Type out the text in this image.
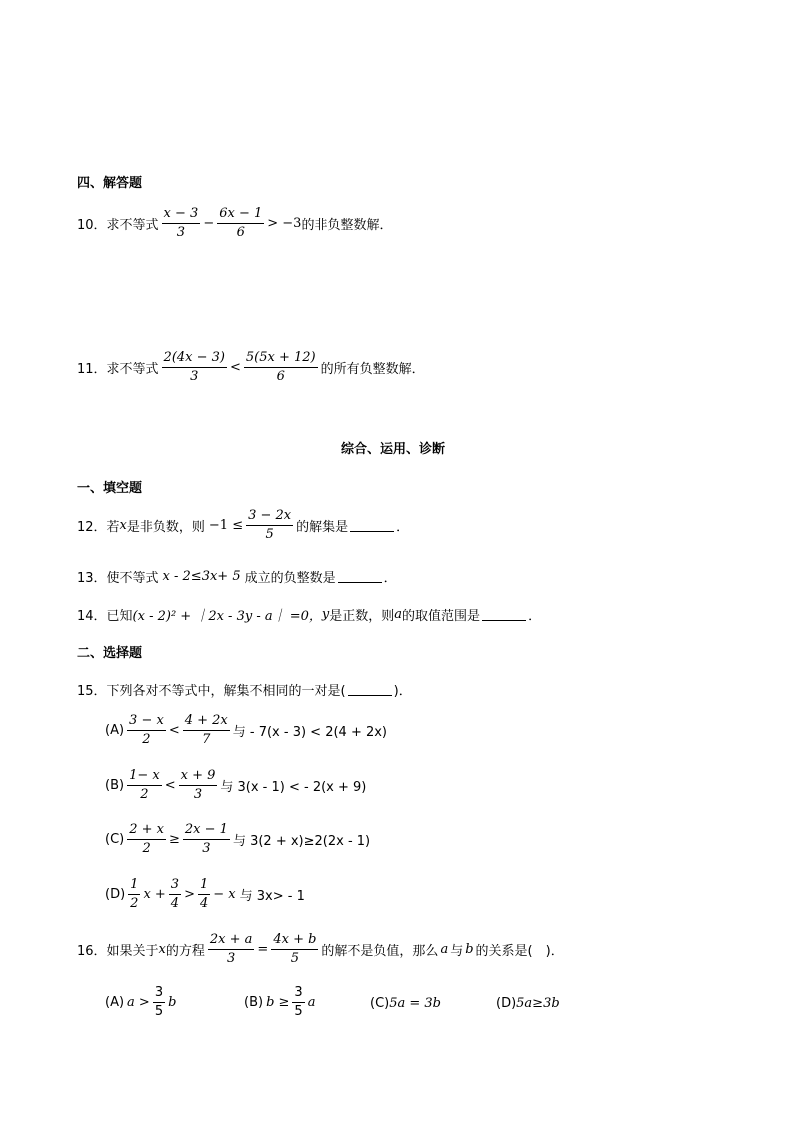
四、解答题
10．求不等式 $\frac{x - 3}{3} - \frac{6x - 1}{6} > -3$ 的非负整数解．
11．求不等式 $\frac{2(4x - 3)}{3} < \frac{5(5x + 12)}{6}$ 的所有负整数解．
综合、运用、诊断
一、填空题
12．若 x 是非负数，则 $-1 \le \frac{3 - 2x}{5}$ 的解集是	．
13．使不等式 x - 2≤3x+ 5 成立的负整数是	．
14．已知 (x - 2)² + ｜2x - 3y - a｜ =0， y 是正数，则 a 的取值范围是	．
二、选择题
15．下列各对不等式中，解集不相同的一对是(	)．
$(A) \frac{3 - x}{2} < \frac{4 + 2x}{7}$ 与 - 7(x - 3) < 2(4 + 2x)
$(B) \frac{1- x}{2} < \frac{x + 9}{3}$ 与 3(x - 1) < - 2(x + 9)
$(C) \frac{2 + x}{2} \ge \frac{2x - 1}{3}$ 与 3(2 + x)≥2(2x - 1)
$(D) \frac{1}{2}$ $x + \frac{3}{4} > \frac{1}{4} - x$ 与 3x> - 1
16．如果关于 x 的方程 $\frac{2x + a}{3} = \frac{4x + b}{5}$ 的解不是负值，那么 a 与 b 的关系是(　)．
(A) $a > \frac{3}{5}$ b	(B) $b \ge \frac{3}{5}$ a	(C) 5a = 3b	(D) 5a≥3b
